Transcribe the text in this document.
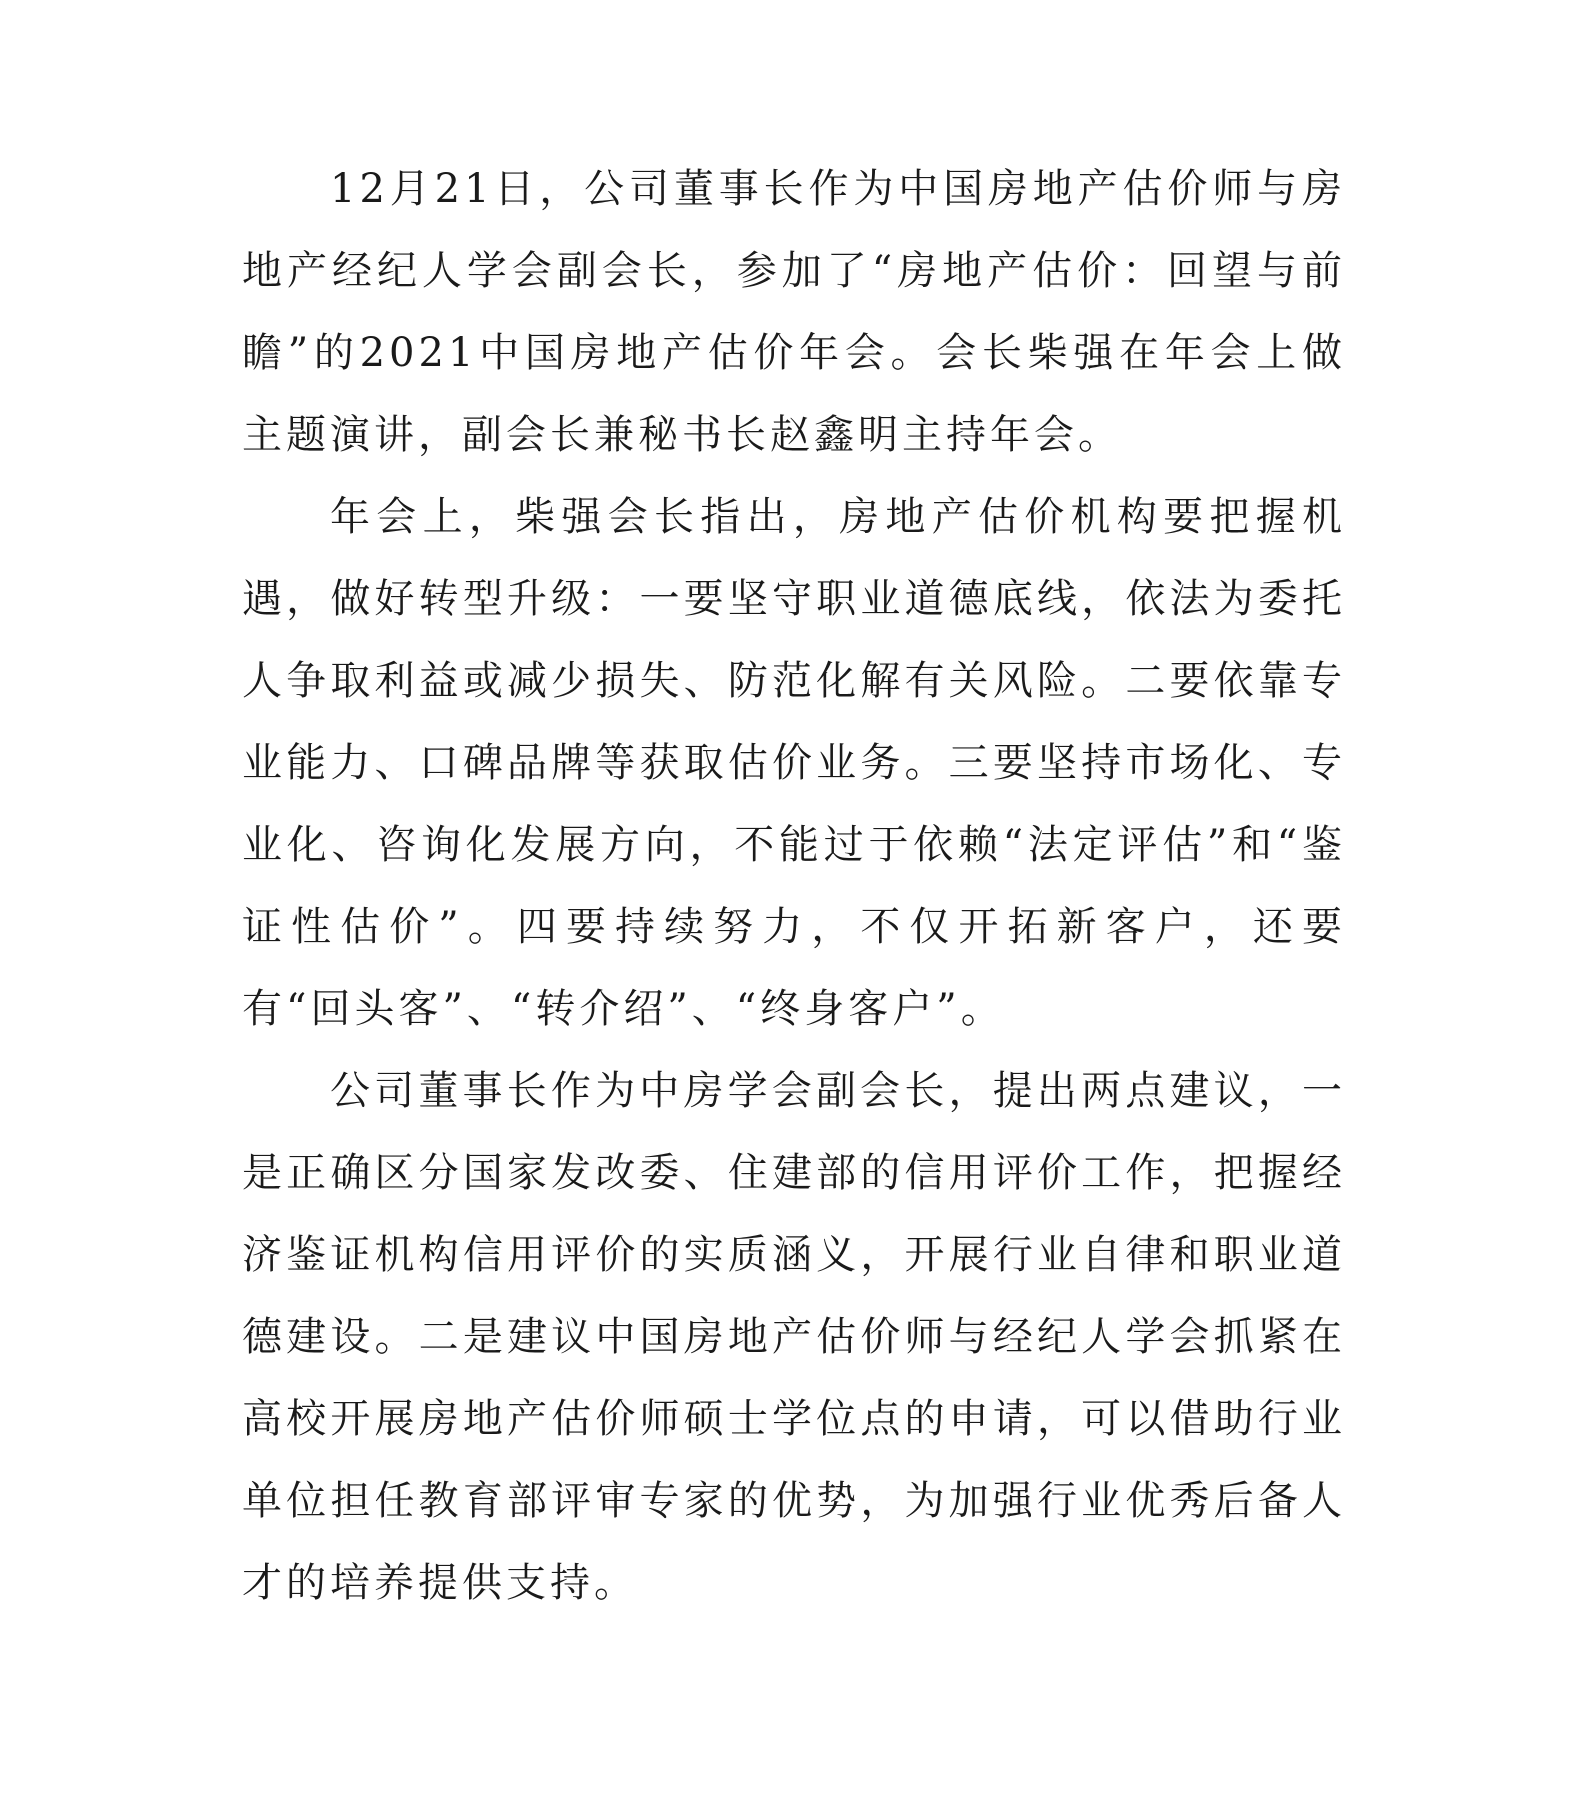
12月21日，公司董事长作为中国房地产估价师与房地产经纪人学会副会长，参加了“房地产估价：回望与前瞻”的2021中国房地产估价年会。会长柴强在年会上做主题演讲，副会长兼秘书长赵鑫明主持年会。

年会上，柴强会长指出，房地产估价机构要把握机遇，做好转型升级：一要坚守职业道德底线，依法为委托人争取利益或减少损失、防范化解有关风险。二要依靠专业能力、口碑品牌等获取估价业务。三要坚持市场化、专业化、咨询化发展方向，不能过于依赖“法定评估”和“鉴证性估价”。四要持续努力，不仅开拓新客户，还要有“回头客”、“转介绍”、“终身客户”。

公司董事长作为中房学会副会长，提出两点建议，一是正确区分国家发改委、住建部的信用评价工作，把握经济鉴证机构信用评价的实质涵义，开展行业自律和职业道德建设。二是建议中国房地产估价师与经纪人学会抓紧在高校开展房地产估价师硕士学位点的申请，可以借助行业单位担任教育部评审专家的优势，为加强行业优秀后备人才的培养提供支持。
